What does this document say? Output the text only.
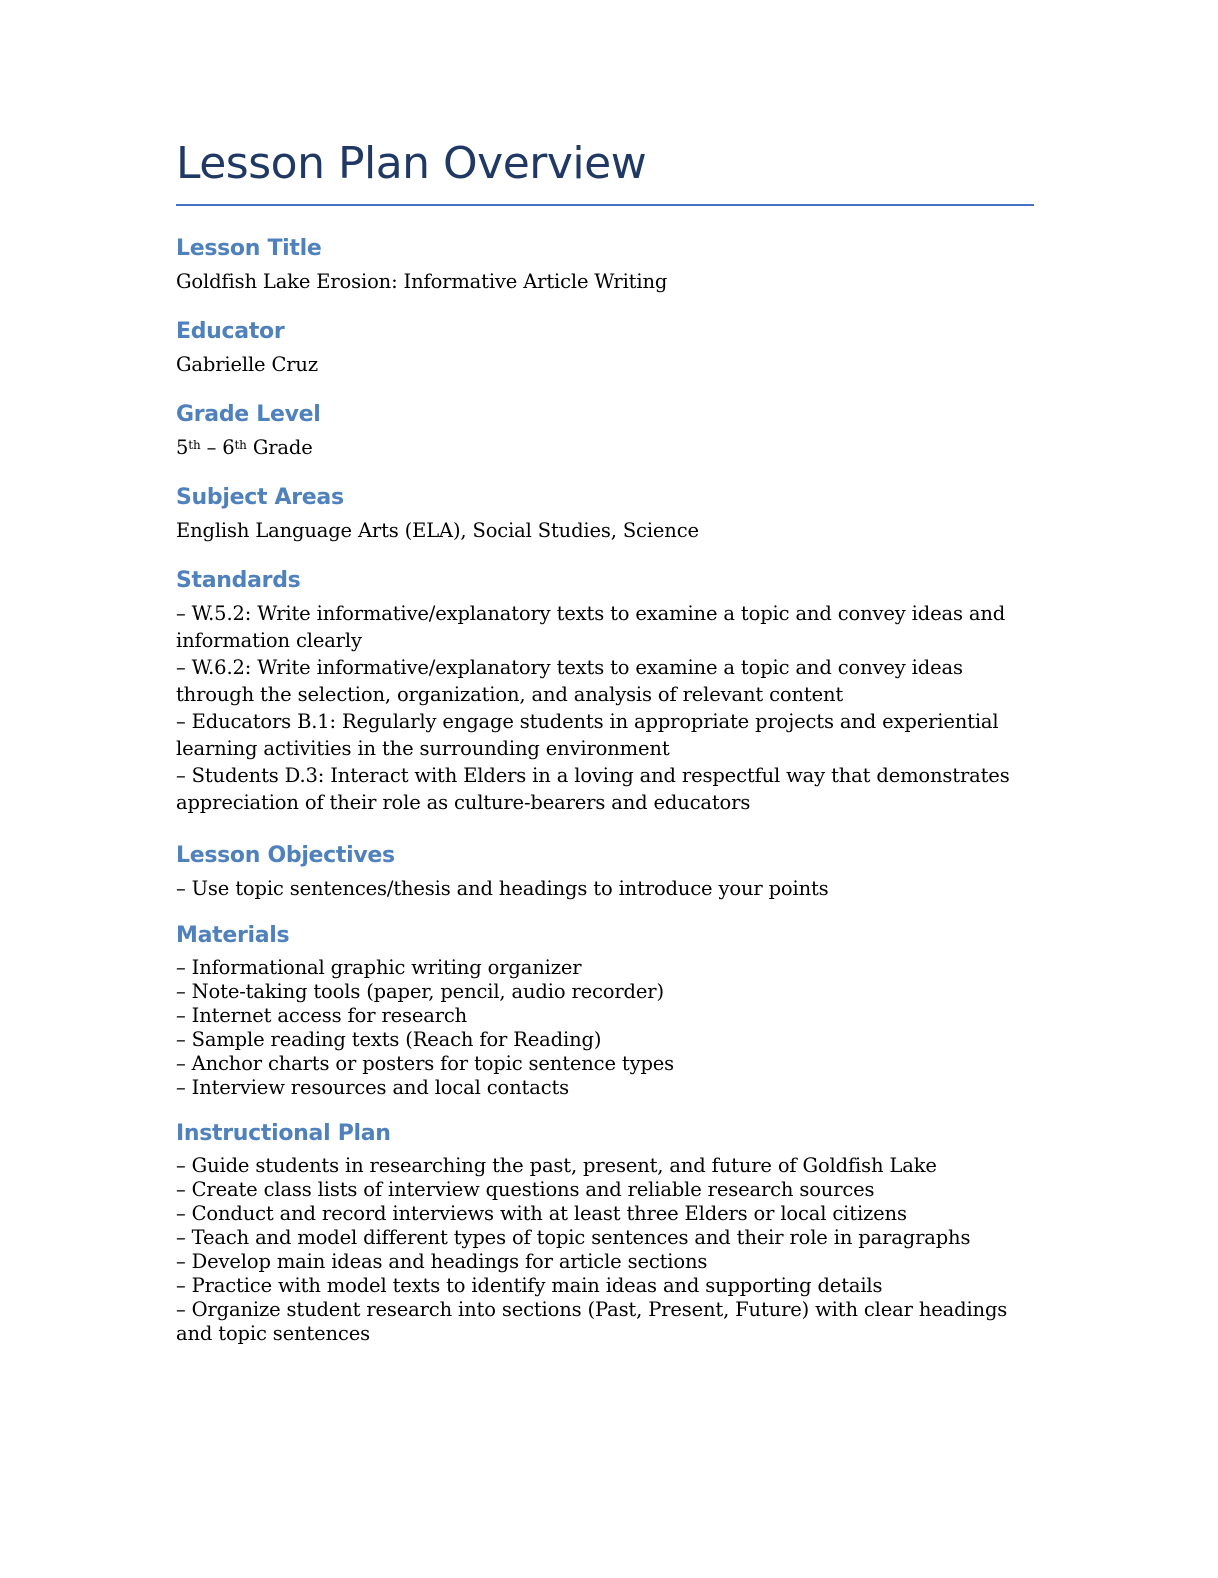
Lesson Plan Overview
Lesson Title

Goldfish Lake Erosion: Informative Article Writing

Educator

Gabrielle Cruz

Grade Level

5th – 6th Grade

Subject Areas

English Language Arts (ELA), Social Studies, Science

Standards

– W.5.2: Write informative/explanatory texts to examine a topic and convey ideas and information clearly

– W.6.2: Write informative/explanatory texts to examine a topic and convey ideas through the selection, organization, and analysis of relevant content

– Educators B.1: Regularly engage students in appropriate projects and experiential learning activities in the surrounding environment

– Students D.3: Interact with Elders in a loving and respectful way that demonstrates appreciation of their role as culture-bearers and educators

Lesson Objectives

– Use topic sentences/thesis and headings to introduce your points

Materials

– Informational graphic writing organizer

– Note-taking tools (paper, pencil, audio recorder)

– Internet access for research

– Sample reading texts (Reach for Reading)

– Anchor charts or posters for topic sentence types

– Interview resources and local contacts

Instructional Plan

– Guide students in researching the past, present, and future of Goldfish Lake

– Create class lists of interview questions and reliable research sources

– Conduct and record interviews with at least three Elders or local citizens

– Teach and model different types of topic sentences and their role in paragraphs

– Develop main ideas and headings for article sections

– Practice with model texts to identify main ideas and supporting details

– Organize student research into sections (Past, Present, Future) with clear headings and topic sentences
